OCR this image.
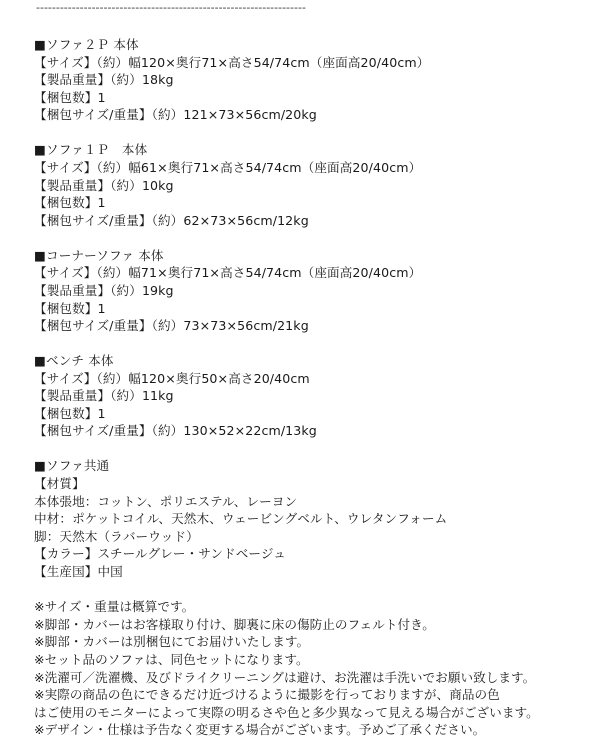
--------------------------------------------------------------------
■ソファ２Ｐ 本体
【サイズ】（約）幅120×奥行71×高さ54/74cm（座面高20/40cm）
【製品重量】（約）18kg
【梱包数】1
【梱包サイズ/重量】（約）121×73×56cm/20kg
■ソファ１Ｐ　本体
【サイズ】（約）幅61×奥行71×高さ54/74cm（座面高20/40cm）
【製品重量】（約）10kg
【梱包数】1
【梱包サイズ/重量】（約）62×73×56cm/12kg
■コーナーソファ 本体
【サイズ】（約）幅71×奥行71×高さ54/74cm（座面高20/40cm）
【製品重量】（約）19kg
【梱包数】1
【梱包サイズ/重量】（約）73×73×56cm/21kg
■ベンチ 本体
【サイズ】（約）幅120×奥行50×高さ20/40cm
【製品重量】（約）11kg
【梱包数】1
【梱包サイズ/重量】（約）130×52×22cm/13kg
■ソファ共通
【材質】
本体張地：コットン、ポリエステル、レーヨン
中材：ポケットコイル、天然木、ウェービングベルト、ウレタンフォーム
脚：天然木（ラバーウッド）
【カラー】スチールグレー・サンドベージュ
【生産国】中国
※サイズ・重量は概算です。
※脚部・カバーはお客様取り付け、脚裏に床の傷防止のフェルト付き。
※脚部・カバーは別梱包にてお届けいたします。
※セット品のソファは、同色セットになります。
※洗濯可／洗濯機、及びドライクリーニングは避け、お洗濯は手洗いでお願い致します。
※実際の商品の色にできるだけ近づけるように撮影を行っておりますが、商品の色
はご使用のモニターによって実際の明るさや色と多少異なって見える場合がございます。
※デザイン・仕様は予告なく変更する場合がございます。予めご了承ください。
